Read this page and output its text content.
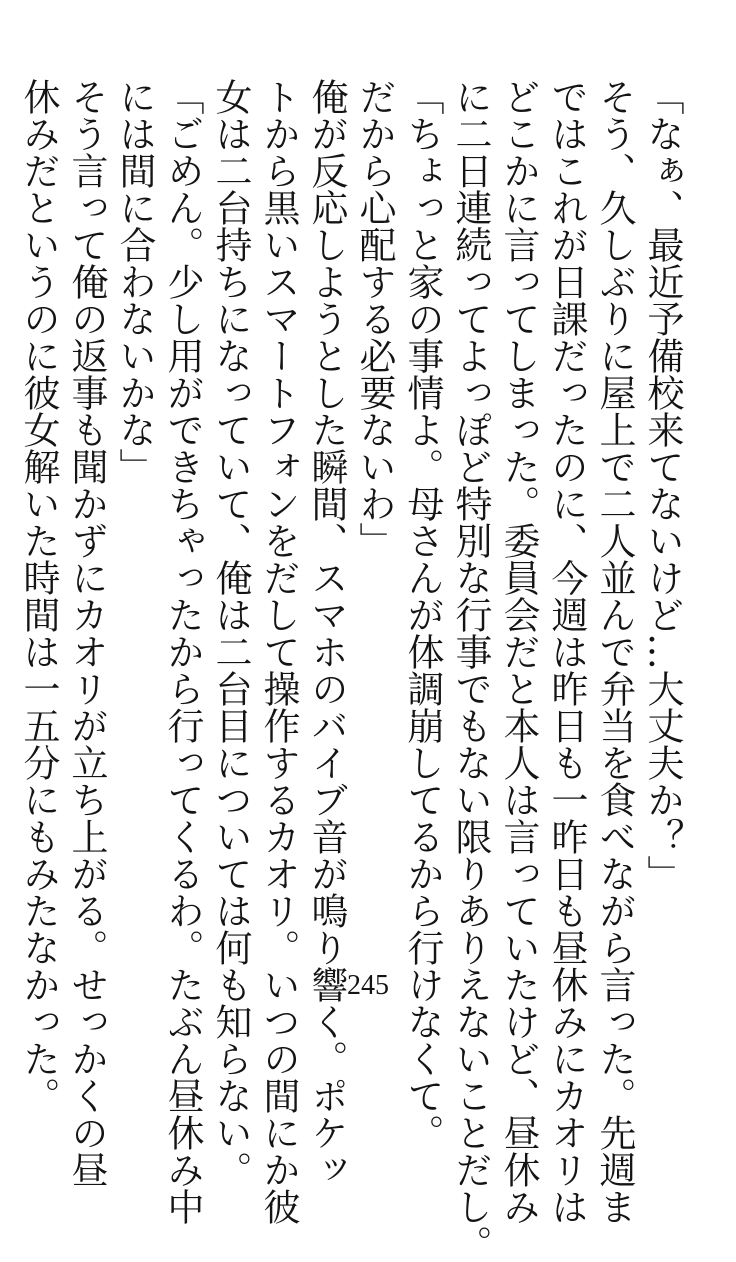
「なぁ、最近予備校来てないけど…大丈夫か？」
そう、久しぶりに屋上で二人並んで弁当を食べながら言った。先週ま
ではこれが日課だったのに、今週は昨日も一昨日も昼休みにカオリは
どこかに言ってしまった。委員会だと本人は言っていたけど、昼休み
に二日連続ってよっぽど特別な行事でもない限りありえないことだし。
「ちょっと家の事情よ。母さんが体調崩してるから行けなくて。
だから心配する必要ないわ」
俺が反応しようとした瞬間、スマホのバイブ音が鳴り響く。ポケッ
トから黒いスマートフォンをだして操作するカオリ。いつの間にか彼
女は二台持ちになっていて、俺は二台目については何も知らない。
「ごめん。少し用ができちゃったから行ってくるわ。たぶん昼休み中
には間に合わないかな」
そう言って俺の返事も聞かずにカオリが立ち上がる。せっかくの昼
休みだというのに彼女解いた時間は一五分にもみたなかった。	245
